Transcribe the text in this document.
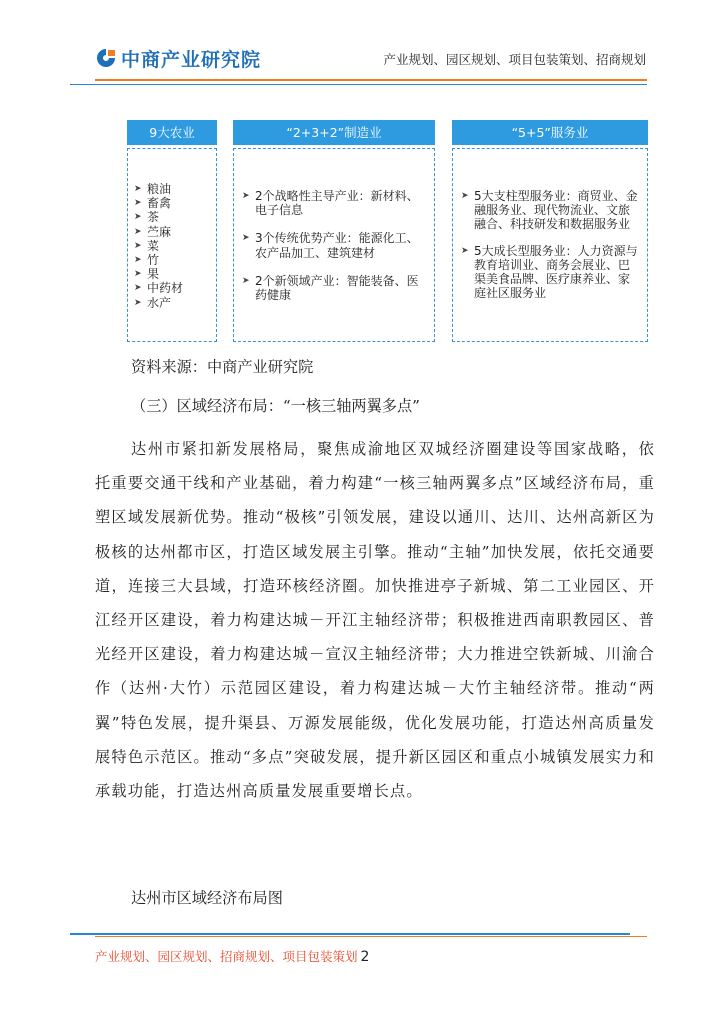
中商产业研究院	产业规划、园区规划、项目包装策划、招商规划
9大农业
➤ 粮油
➤ 畜禽
➤ 茶
➤ 苎麻
➤ 菜
➤ 竹
➤ 果
➤ 中药材
➤ 水产
“2+3+2”制造业
➤ 2个战略性主导产业：新材料、电子信息
➤ 3个传统优势产业：能源化工、农产品加工、建筑建材
➤ 2个新领域产业：智能装备、医药健康
“5+5”服务业
➤ 5大支柱型服务业：商贸业、金融服务业、现代物流业、文旅融合、科技研发和数据服务业
➤ 5大成长型服务业：人力资源与教育培训业、商务会展业、巴渠美食品牌、医疗康养业、家庭社区服务业
资料来源：中商产业研究院
（三）区域经济布局：“一核三轴两翼多点”
达州市紧扣新发展格局，聚焦成渝地区双城经济圈建设等国家战略，依托重要交通干线和产业基础，着力构建“一核三轴两翼多点”区域经济布局，重塑区域发展新优势。推动“极核”引领发展，建设以通川、达川、达州高新区为极核的达州都市区，打造区域发展主引擎。推动“主轴”加快发展，依托交通要道，连接三大县域，打造环核经济圈。加快推进亭子新城、第二工业园区、开江经开区建设，着力构建达城－开江主轴经济带；积极推进西南职教园区、普光经开区建设，着力构建达城－宣汉主轴经济带；大力推进空铁新城、川渝合作（达州·大竹）示范园区建设，着力构建达城－大竹主轴经济带。推动“两翼”特色发展，提升渠县、万源发展能级，优化发展功能，打造达州高质量发展特色示范区。推动“多点”突破发展，提升新区园区和重点小城镇发展实力和承载功能，打造达州高质量发展重要增长点。
达州市区域经济布局图
产业规划、园区规划、招商规划、项目包装策划 2
